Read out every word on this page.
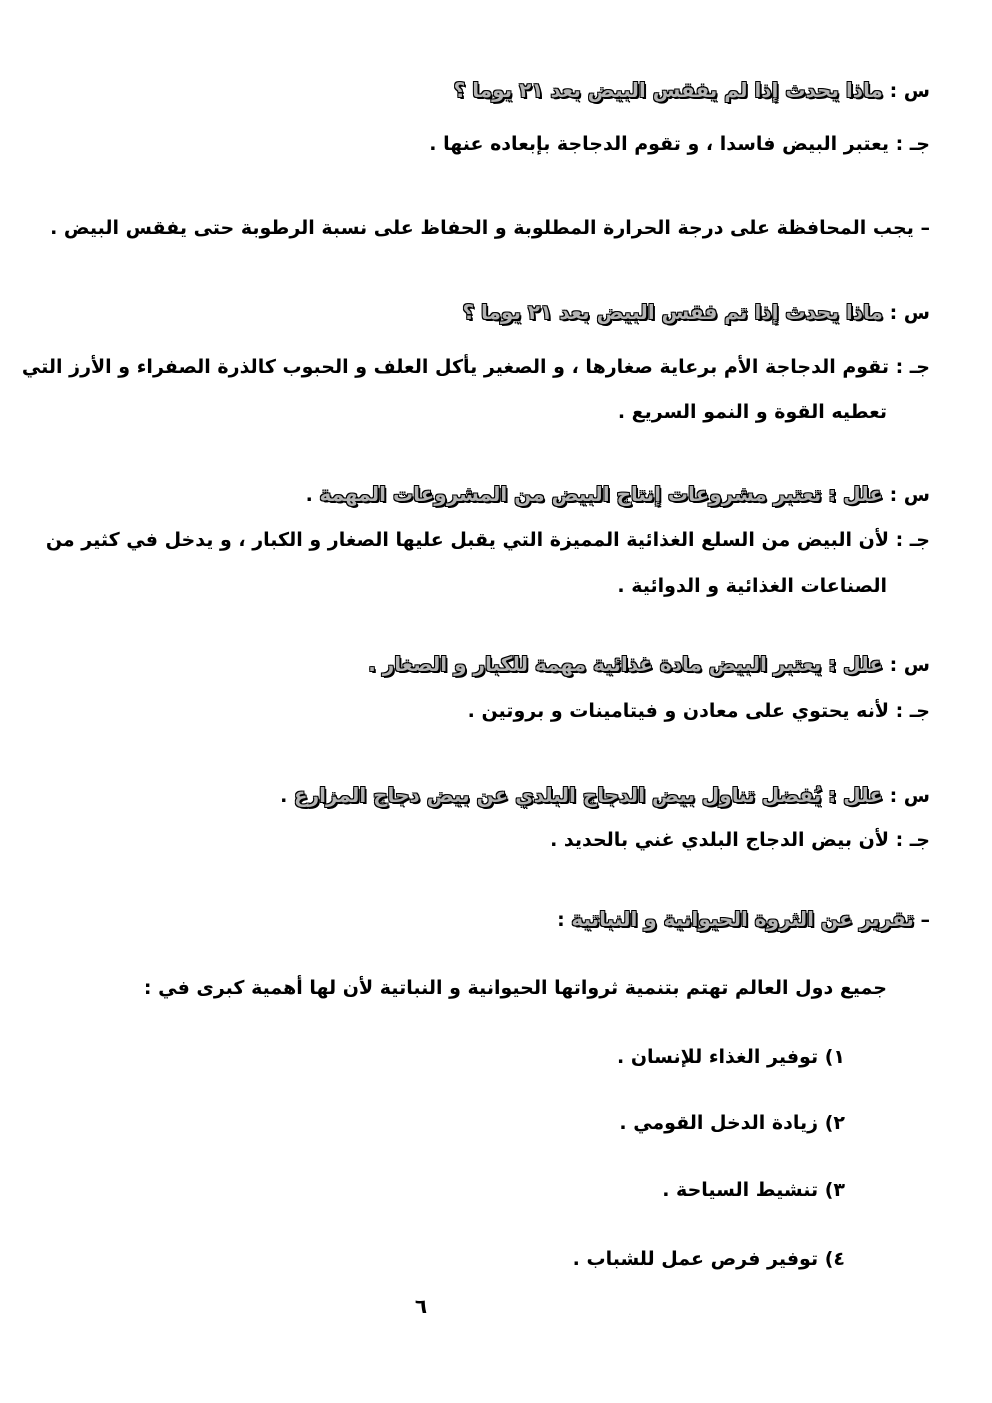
س : ماذا يحدث إذا لم يفقس البيض بعد ٢١ يوما ؟
جـ : يعتبر البيض فاسدا ، و تقوم الدجاجة بإبعاده عنها .
– يجب المحافظة على درجة الحرارة المطلوبة و الحفاظ على نسبة الرطوبة حتى يفقس البيض .
س : ماذا يحدث إذا تم فقس البيض بعد ٢١ يوما ؟
جـ : تقوم الدجاجة الأم برعاية صغارها ، و الصغير يأكل العلف و الحبوب كالذرة الصفراء و الأرز التي
تعطيه القوة و النمو السريع .
س : علل : تعتبر مشروعات إنتاج البيض من المشروعات المهمة .
جـ : لأن البيض من السلع الغذائية المميزة التي يقبل عليها الصغار و الكبار ، و يدخل في كثير من
الصناعات الغذائية و الدوائية .
س : علل : يعتبر البيض مادة غذائية مهمة للكبار و الصغار .
جـ : لأنه يحتوي على معادن و فيتامينات و بروتين .
س : علل : يُفضل تناول بيض الدجاج البلدي عن بيض دجاج المزارع .
جـ : لأن بيض الدجاج البلدي غني بالحديد .
– تقرير عن الثروة الحيوانية و النباتية :
جميع دول العالم تهتم بتنمية ثرواتها الحيوانية و النباتية لأن لها أهمية كبرى في :
١) توفير الغذاء للإنسان .
٢) زيادة الدخل القومي .
٣) تنشيط السياحة .
٤) توفير فرص عمل للشباب .
٦
